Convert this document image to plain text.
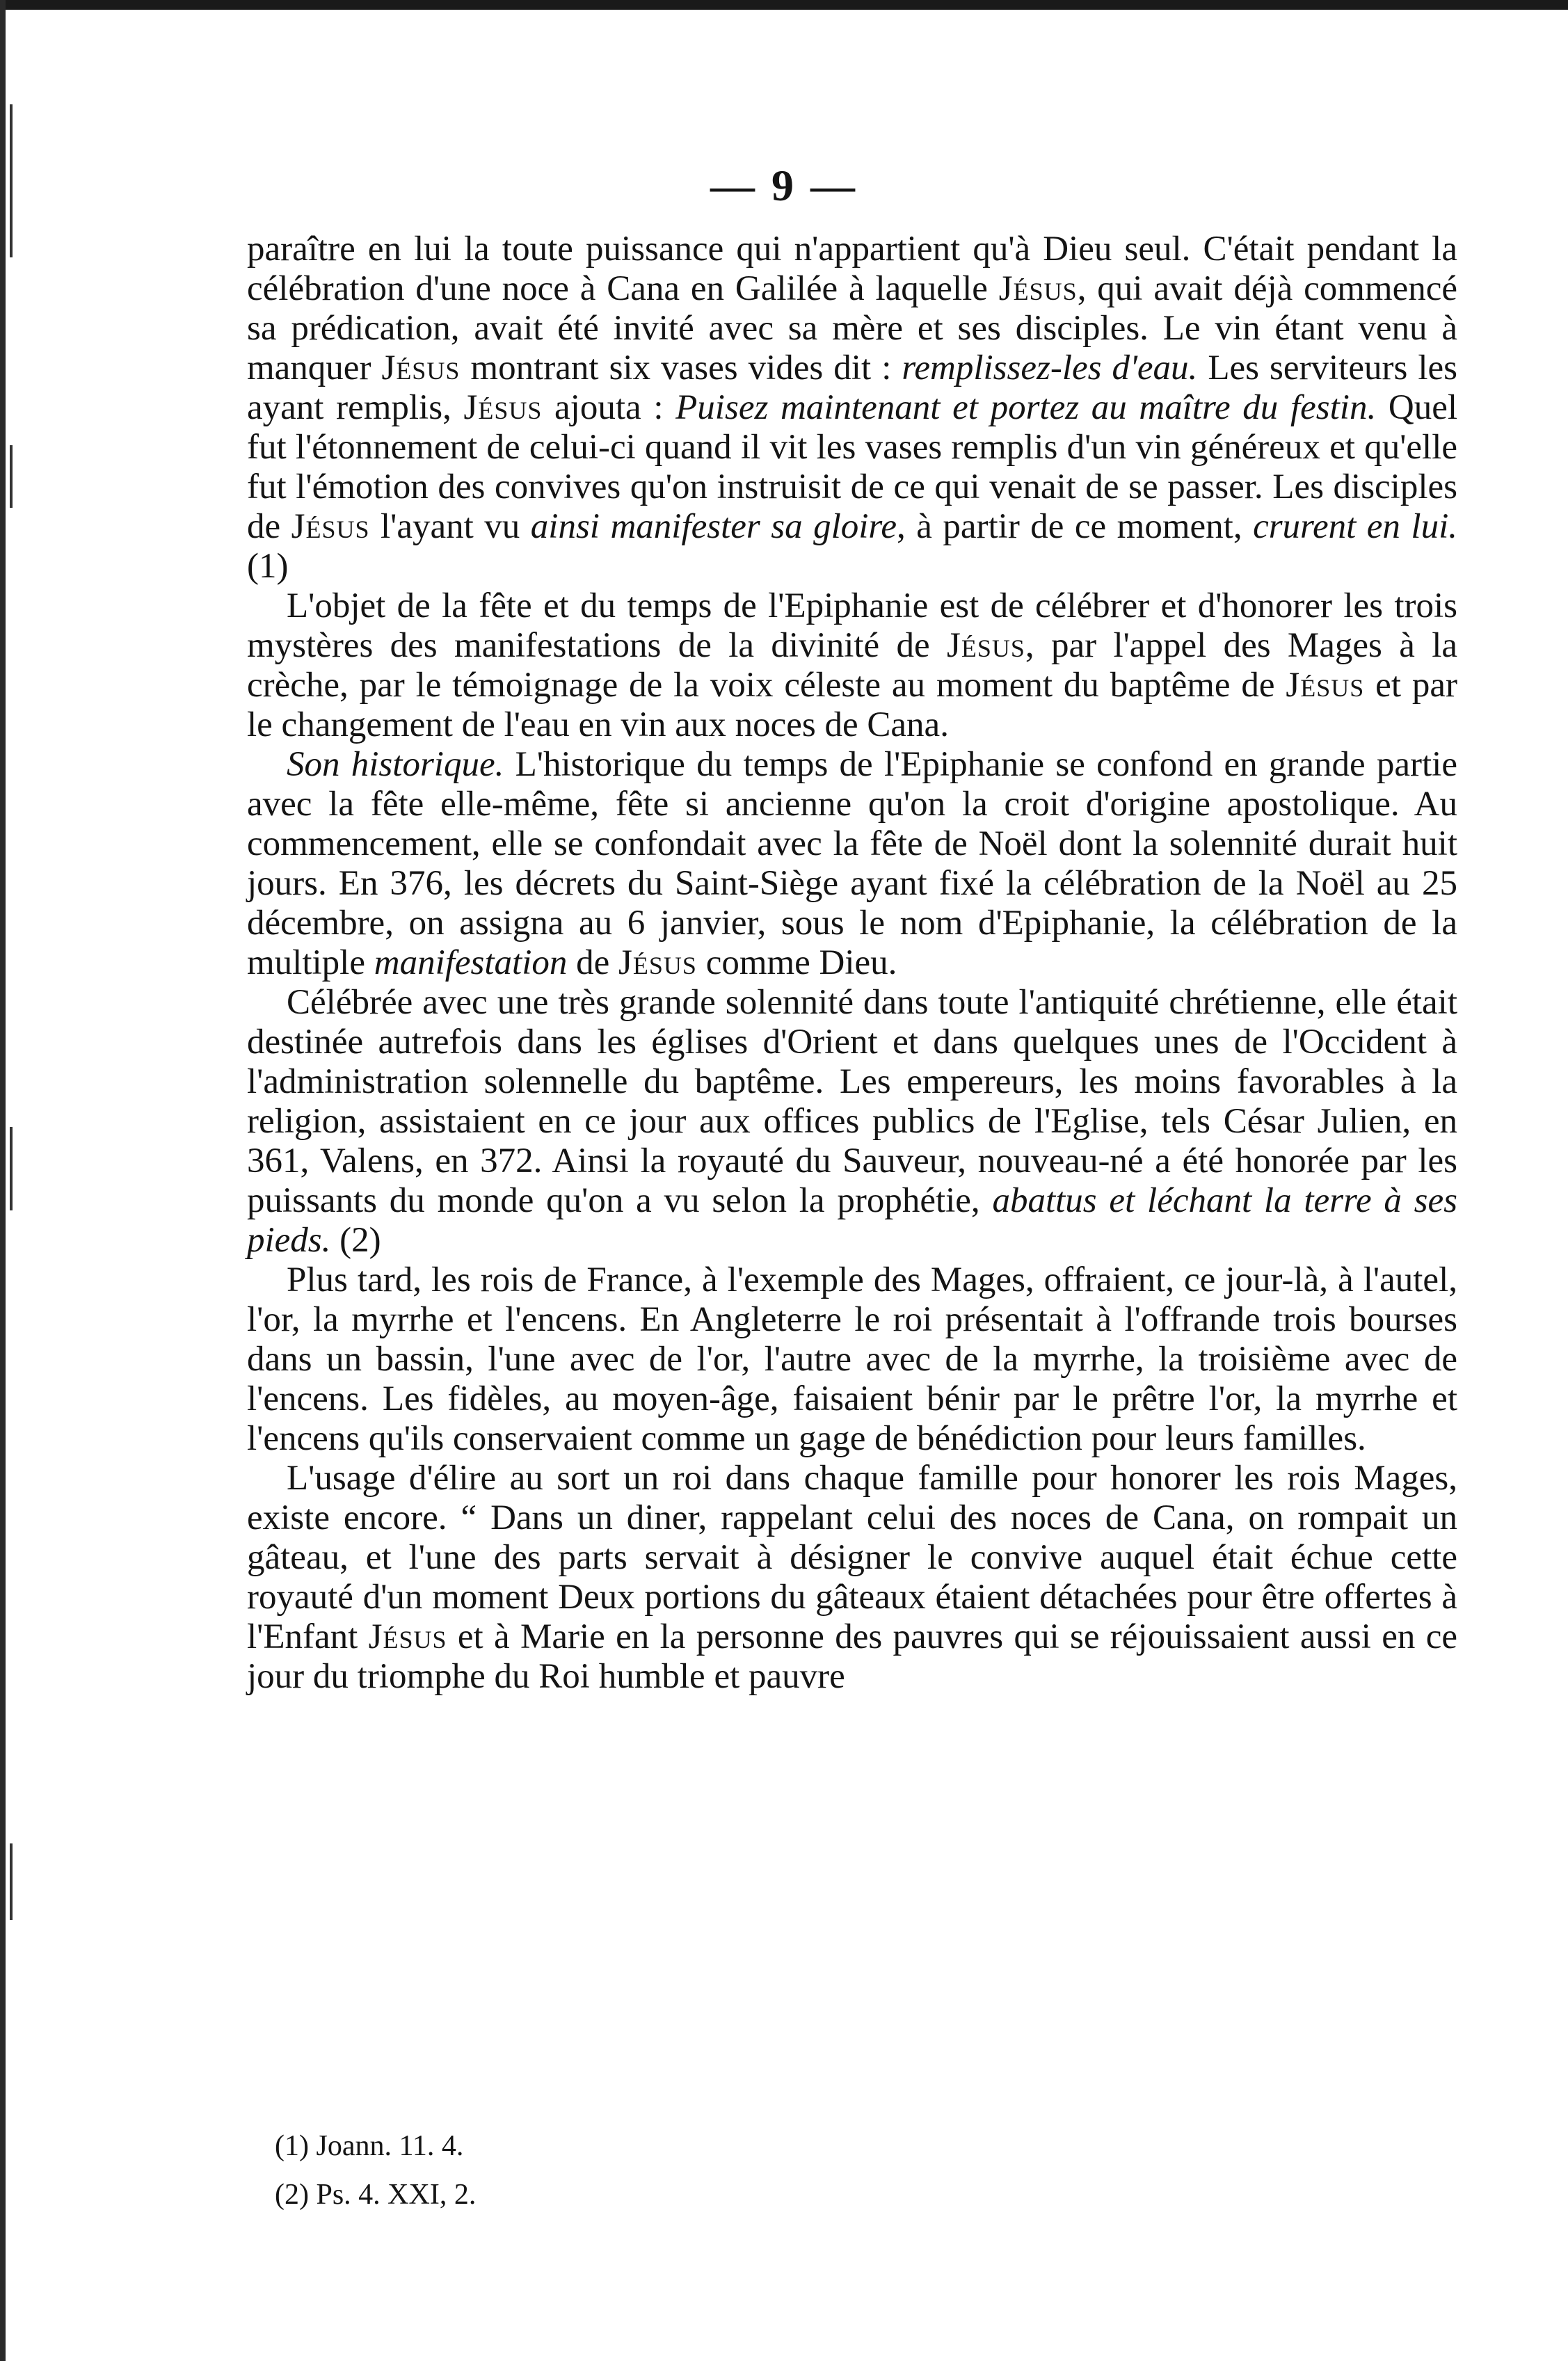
— 9 —

paraître en lui la toute puissance qui n'appartient qu'à Dieu seul. C'était pendant la célébration d'une noce à Cana en Galilée à laquelle Jésus, qui avait déjà commencé sa prédication, avait été invité avec sa mère et ses disciples. Le vin étant venu à manquer Jésus montrant six vases vides dit : remplissez-les d'eau. Les serviteurs les ayant remplis, Jésus ajouta : Puisez maintenant et portez au maître du festin. Quel fut l'étonnement de celui-ci quand il vit les vases remplis d'un vin généreux et qu'elle fut l'émotion des convives qu'on instruisit de ce qui venait de se passer. Les disciples de Jésus l'ayant vu ainsi manifester sa gloire, à partir de ce moment, crurent en lui. (1)

L'objet de la fête et du temps de l'Epiphanie est de célébrer et d'honorer les trois mystères des manifestations de la divinité de Jésus, par l'appel des Mages à la crèche, par le témoignage de la voix céleste au moment du baptême de Jésus et par le changement de l'eau en vin aux noces de Cana.

Son historique. L'historique du temps de l'Epiphanie se confond en grande partie avec la fête elle-même, fête si ancienne qu'on la croit d'origine apostolique. Au commencement, elle se confondait avec la fête de Noël dont la solennité durait huit jours. En 376, les décrets du Saint-Siège ayant fixé la célébration de la Noël au 25 décembre, on assigna au 6 janvier, sous le nom d'Epiphanie, la célébration de la multiple manifestation de Jésus comme Dieu.

Célébrée avec une très grande solennité dans toute l'antiquité chrétienne, elle était destinée autrefois dans les églises d'Orient et dans quelques unes de l'Occident à l'administration solennelle du baptême. Les empereurs, les moins favorables à la religion, assistaient en ce jour aux offices publics de l'Eglise, tels César Julien, en 361, Valens, en 372. Ainsi la royauté du Sauveur, nouveau-né a été honorée par les puissants du monde qu'on a vu selon la prophétie, abattus et léchant la terre à ses pieds. (2)

Plus tard, les rois de France, à l'exemple des Mages, offraient, ce jour-là, à l'autel, l'or, la myrrhe et l'encens. En Angleterre le roi présentait à l'offrande trois bourses dans un bassin, l'une avec de l'or, l'autre avec de la myrrhe, la troisième avec de l'encens. Les fidèles, au moyen-âge, faisaient bénir par le prêtre l'or, la myrrhe et l'encens qu'ils conservaient comme un gage de bénédiction pour leurs familles.

L'usage d'élire au sort un roi dans chaque famille pour honorer les rois Mages, existe encore. “ Dans un diner, rappelant celui des noces de Cana, on rompait un gâteau, et l'une des parts servait à désigner le convive auquel était échue cette royauté d'un moment Deux portions du gâteaux étaient détachées pour être offertes à l'Enfant Jésus et à Marie en la personne des pauvres qui se réjouissaient aussi en ce jour du triomphe du Roi humble et pauvre

(1) Joann. 11. 4.
(2) Ps. 4. XXI, 2.
